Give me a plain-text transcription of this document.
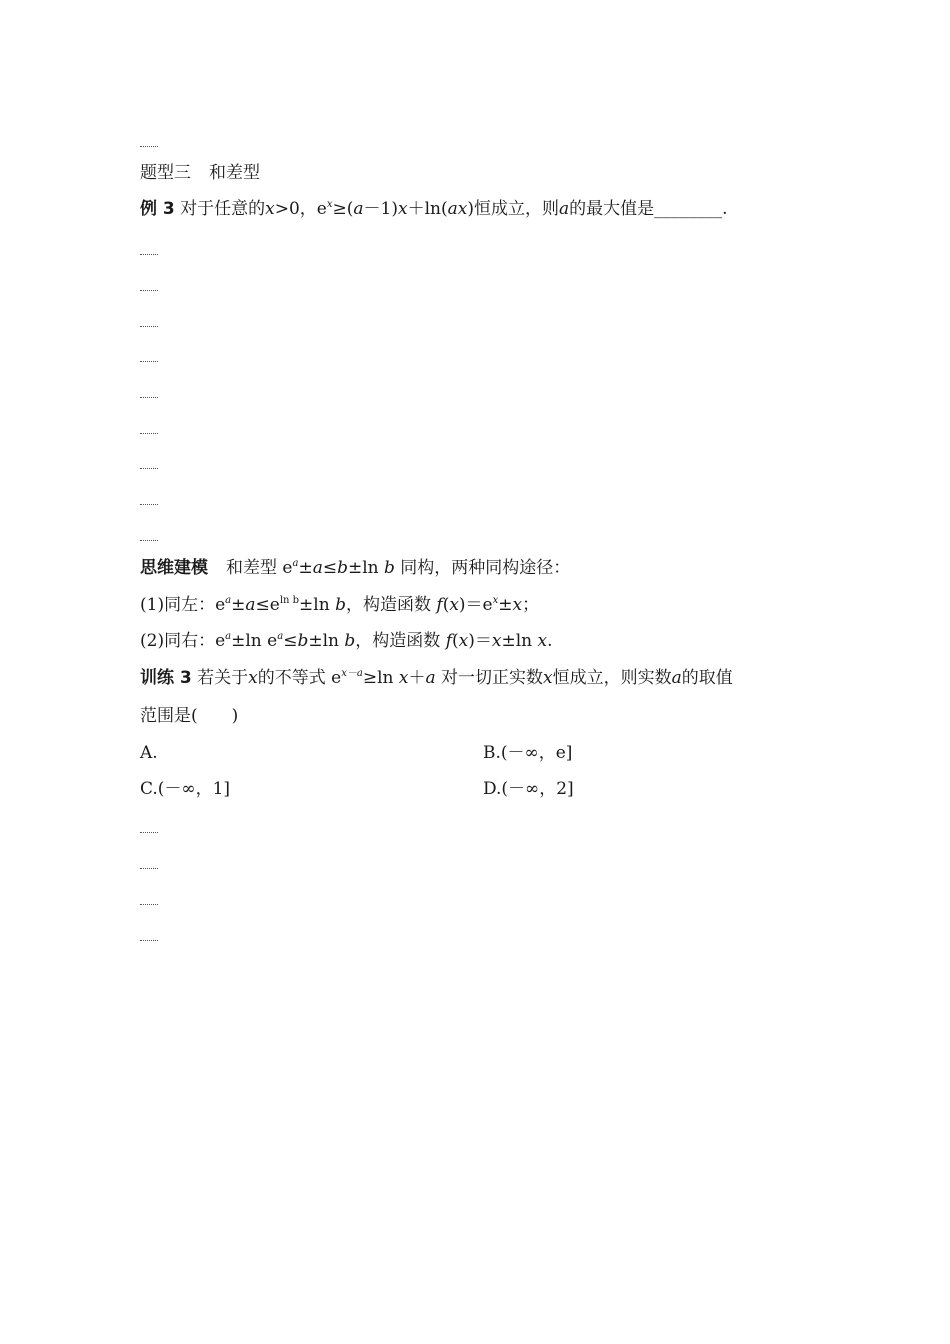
题型三 和差型
例 3 对于任意的x>0，$e^x\ge(a-1)x+\ln(ax)$恒成立，则a的最大值是________.
思维建模 和差型 $e^a\pm a\le b\pm\ln$ b 同构，两种同构途径：
(1)同左：$e^a\pm a\le e^{ln b}\pm\ln$ b，构造函数 $f(x)=e^x\pm x$；
(2)同右：$e^a\pm\ln$ $e^a\le b\pm\ln$ b，构造函数 f(x)＝x±ln x.
训练 3 若关于x的不等式 $e^{x-a}\ge\ln$ x＋a 对一切正实数x恒成立，则实数a的取值
范围是(　　)
A.	B.(－∞，e]
C.(－∞，1]	D.(－∞，2]
